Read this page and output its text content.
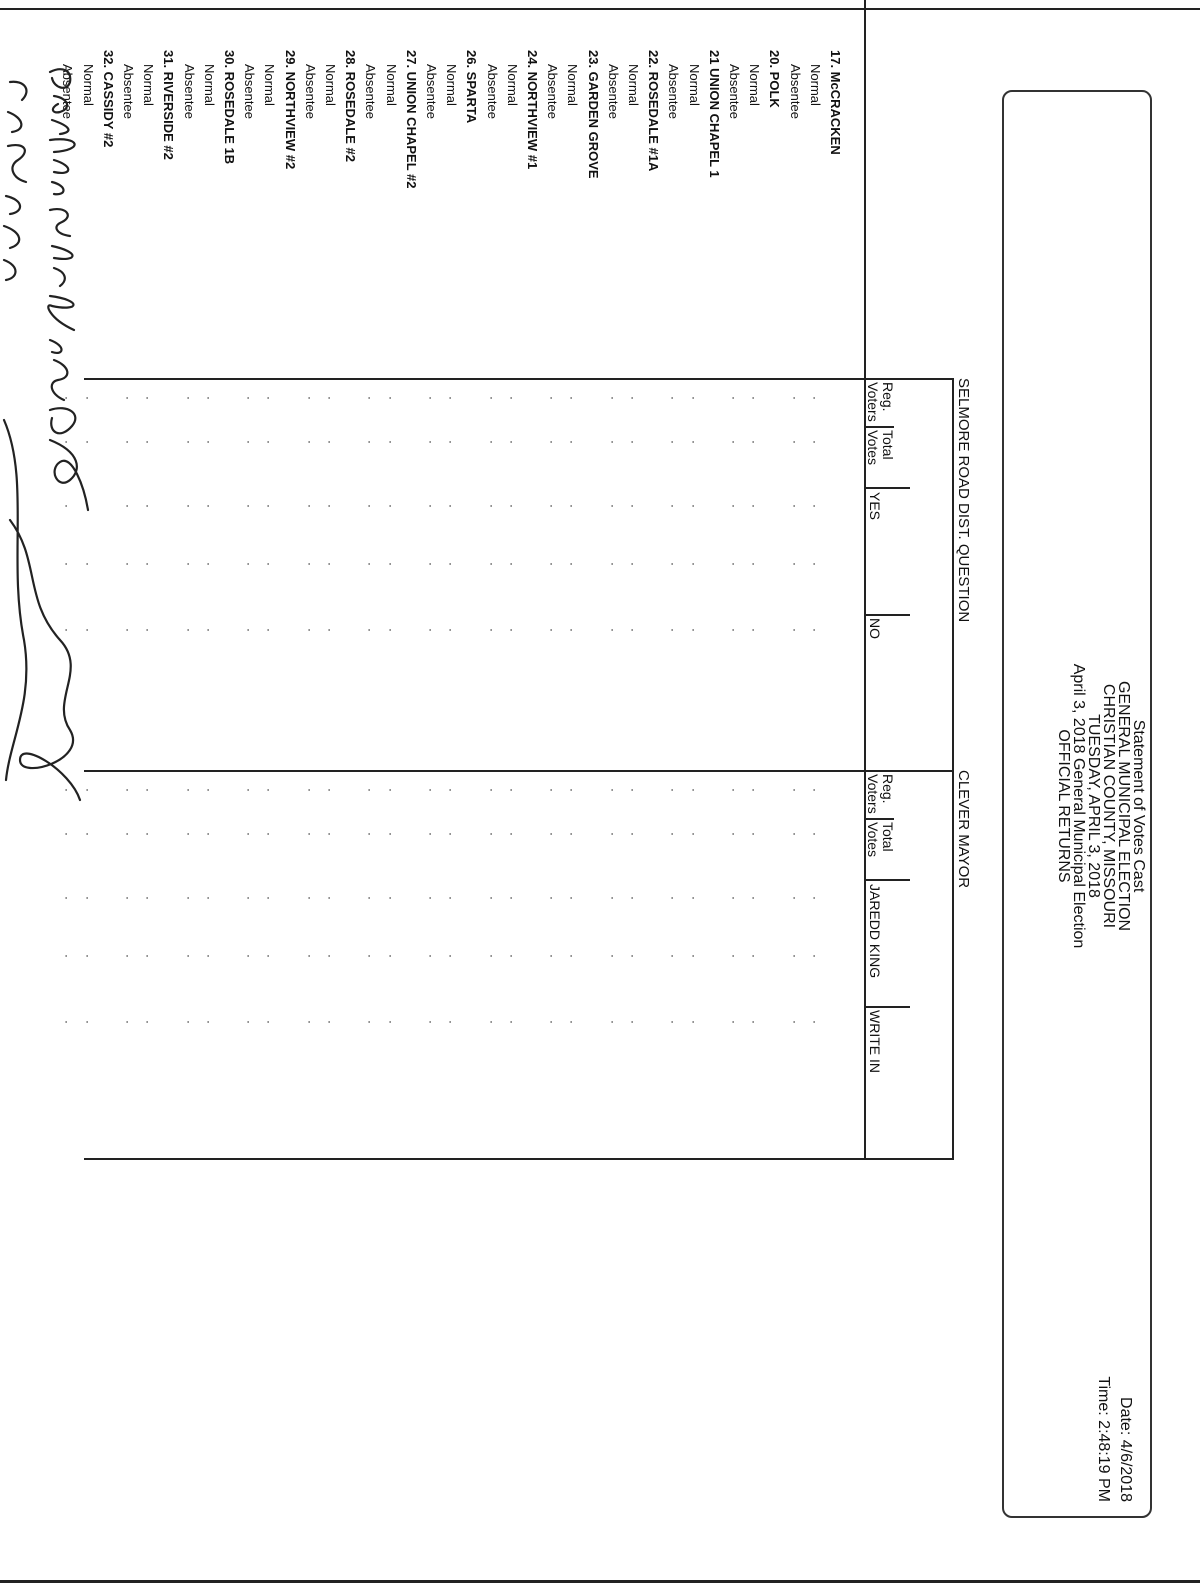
Statement of Votes Cast
GENERAL MUNICIPAL ELECTION
CHRISTIAN COUNTY, MISSOURI
TUESDAY, APRIL 3, 2018
April 3, 2018 General Municipal Election
OFFICIAL RETURNS
Date: 4/6/2018
Time: 2:48:19 PM
SELMORE ROAD DIST. QUESTION
CLEVER MAYOR
Reg.
Voters
Total
Votes
YES
NO
Reg.
Voters
Total
Votes
JAREDD KING
WRITE IN
17. McCRACKEN
Normal
·
·
·
·
·
·
·
·
·
·
Absentee
·
·
·
·
·
·
·
·
·
·
20. POLK
Normal
·
·
·
·
·
·
·
·
·
·
Absentee
·
·
·
·
·
·
·
·
·
·
21 UNION CHAPEL 1
Normal
·
·
·
·
·
·
·
·
·
·
Absentee
·
·
·
·
·
·
·
·
·
·
22. ROSEDALE #1A
Normal
·
·
·
·
·
·
·
·
·
·
Absentee
·
·
·
·
·
·
·
·
·
·
23. GARDEN GROVE
Normal
·
·
·
·
·
·
·
·
·
·
Absentee
·
·
·
·
·
·
·
·
·
·
24. NORTHVIEW #1
Normal
·
·
·
·
·
·
·
·
·
·
Absentee
·
·
·
·
·
·
·
·
·
·
26. SPARTA
Normal
·
·
·
·
·
·
·
·
·
·
Absentee
·
·
·
·
·
·
·
·
·
·
27. UNION CHAPEL #2
Normal
·
·
·
·
·
·
·
·
·
·
Absentee
·
·
·
·
·
·
·
·
·
·
28. ROSEDALE #2
Normal
·
·
·
·
·
·
·
·
·
·
Absentee
·
·
·
·
·
·
·
·
·
·
29. NORTHVIEW #2
Normal
·
·
·
·
·
·
·
·
·
·
Absentee
·
·
·
·
·
·
·
·
·
·
30. ROSEDALE 1B
Normal
·
·
·
·
·
·
·
·
·
·
Absentee
·
·
·
·
·
·
·
·
·
·
31. RIVERSIDE #2
Normal
·
·
·
·
·
·
·
·
·
·
Absentee
·
·
·
·
·
·
·
·
·
·
32. CASSIDY #2
Normal
·
·
·
·
·
·
·
·
·
·
Absentee
·
·
·
·
·
·
·
·
·
·
